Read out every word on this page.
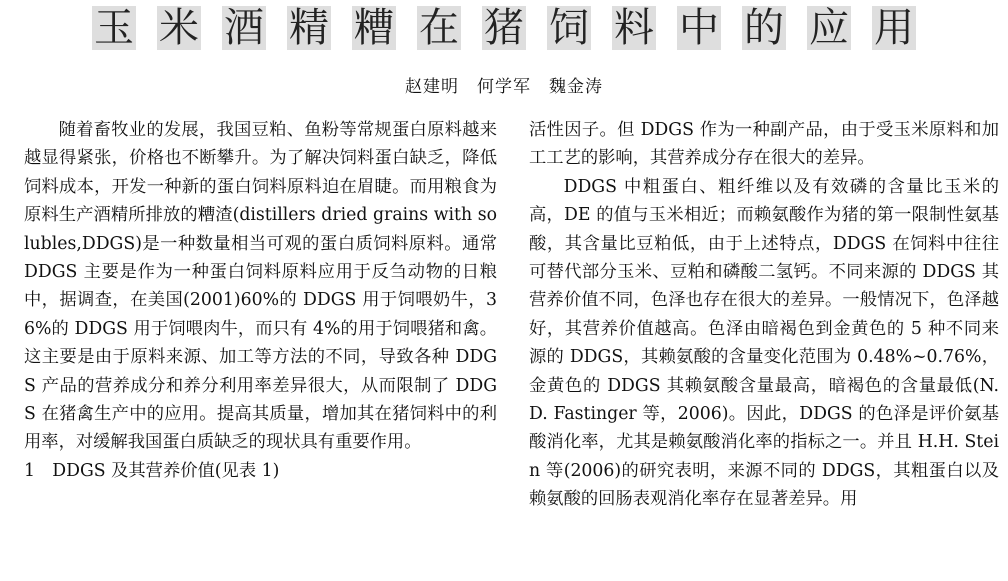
玉 米 酒 精 糟 在 猪 饲 料 中 的 应 用
赵建明　何学军　魏金涛

随着畜牧业的发展，我国豆粕、鱼粉等常规蛋白原料越来越显得紧张，价格也不断攀升。为了解决饲料蛋白缺乏，降低饲料成本，开发一种新的蛋白饲料原料迫在眉睫。而用粮食为原料生产酒精所排放的糟渣(distillers dried grains with solubles,DDGS)是一种数量相当可观的蛋白质饲料原料。通常 DDGS 主要是作为一种蛋白饲料原料应用于反刍动物的日粮中，据调查，在美国(2001)60%的 DDGS 用于饲喂奶牛，36%的 DDGS 用于饲喂肉牛，而只有 4%的用于饲喂猪和禽。这主要是由于原料来源、加工等方法的不同，导致各种 DDGS 产品的营养成分和养分利用率差异很大，从而限制了 DDGS 在猪禽生产中的应用。提高其质量，增加其在猪饲料中的利用率，对缓解我国蛋白质缺乏的现状具有重要作用。

1　DDGS 及其营养价值(见表 1)

活性因子。但 DDGS 作为一种副产品，由于受玉米原料和加工工艺的影响，其营养成分存在很大的差异。

DDGS 中粗蛋白、粗纤维以及有效磷的含量比玉米的高，DE 的值与玉米相近；而赖氨酸作为猪的第一限制性氨基酸，其含量比豆粕低，由于上述特点，DDGS 在饲料中往往可替代部分玉米、豆粕和磷酸二氢钙。不同来源的 DDGS 其营养价值不同，色泽也存在很大的差异。一般情况下，色泽越好，其营养价值越高。色泽由暗褐色到金黄色的 5 种不同来源的 DDGS，其赖氨酸的含量变化范围为 0.48%~0.76%，金黄色的 DDGS 其赖氨酸含量最高，暗褐色的含量最低(N.D. Fastinger 等，2006)。因此，DDGS 的色泽是评价氨基酸消化率，尤其是赖氨酸消化率的指标之一。并且 H.H. Stein 等(2006)的研究表明，来源不同的 DDGS，其粗蛋白以及赖氨酸的回肠表观消化率存在显著差异。用
